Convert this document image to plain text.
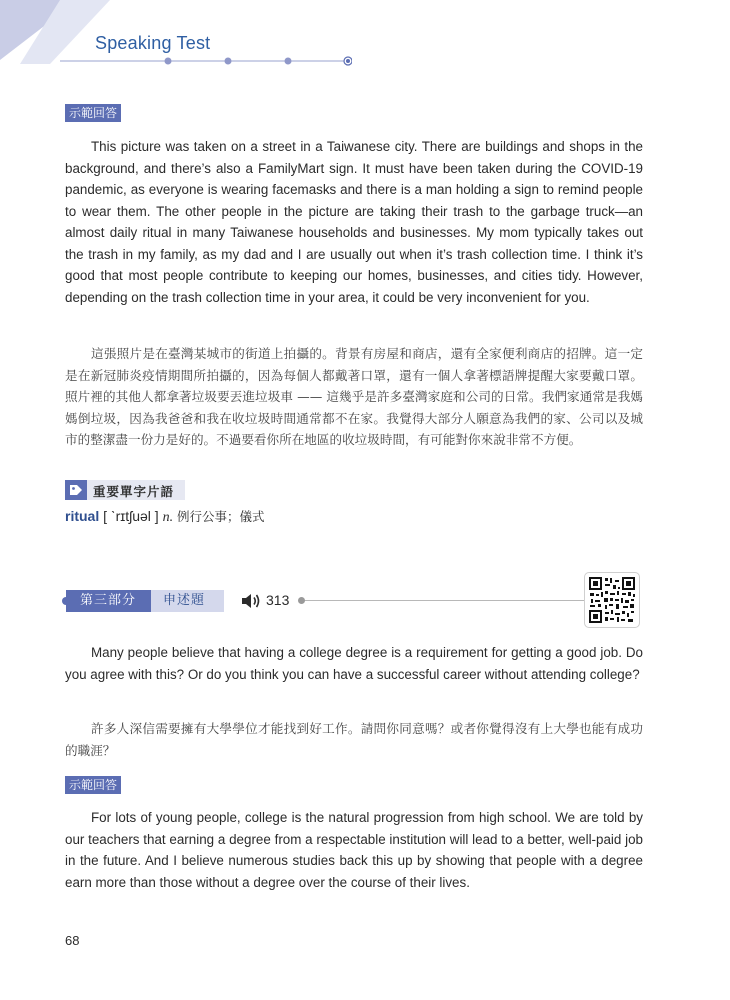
Speaking Test
示範回答

This picture was taken on a street in a Taiwanese city. There are buildings and shops in the background, and there’s also a FamilyMart sign. It must have been taken during the COVID-19 pandemic, as everyone is wearing facemasks and there is a man holding a sign to remind people to wear them. The other people in the picture are taking their trash to the garbage truck—an almost daily ritual in many Taiwanese households and businesses. My mom typically takes out the trash in my family, as my dad and I are usually out when it’s trash collection time. I think it’s good that most people contribute to keeping our homes, businesses, and cities tidy. However, depending on the trash collection time in your area, it could be very inconvenient for you.

這張照片是在臺灣某城市的街道上拍攝的。背景有房屋和商店，還有全家便利商店的招牌。這一定是在新冠肺炎疫情期間所拍攝的，因為每個人都戴著口罩，還有一個人拿著標語牌提醒大家要戴口罩。照片裡的其他人都拿著垃圾要丟進垃圾車 —— 這幾乎是許多臺灣家庭和公司的日常。我們家通常是我媽媽倒垃圾，因為我爸爸和我在收垃圾時間通常都不在家。我覺得大部分人願意為我們的家、公司以及城市的整潔盡一份力是好的。不過要看你所在地區的收垃圾時間，有可能對你來說非常不方便。

重要單字片語
ritual [ ˋrɪtʃuəl ] n. 例行公事；儀式
第三部分	申述題	313

Many people believe that having a college degree is a requirement for getting a good job. Do you agree with this? Or do you think you can have a successful career without attending college?

許多人深信需要擁有大學學位才能找到好工作。請問你同意嗎？或者你覺得沒有上大學也能有成功的職涯？

示範回答

For lots of young people, college is the natural progression from high school. We are told by our teachers that earning a degree from a respectable institution will lead to a better, well-paid job in the future. And I believe numerous studies back this up by showing that people with a degree earn more than those without a degree over the course of their lives.

68
